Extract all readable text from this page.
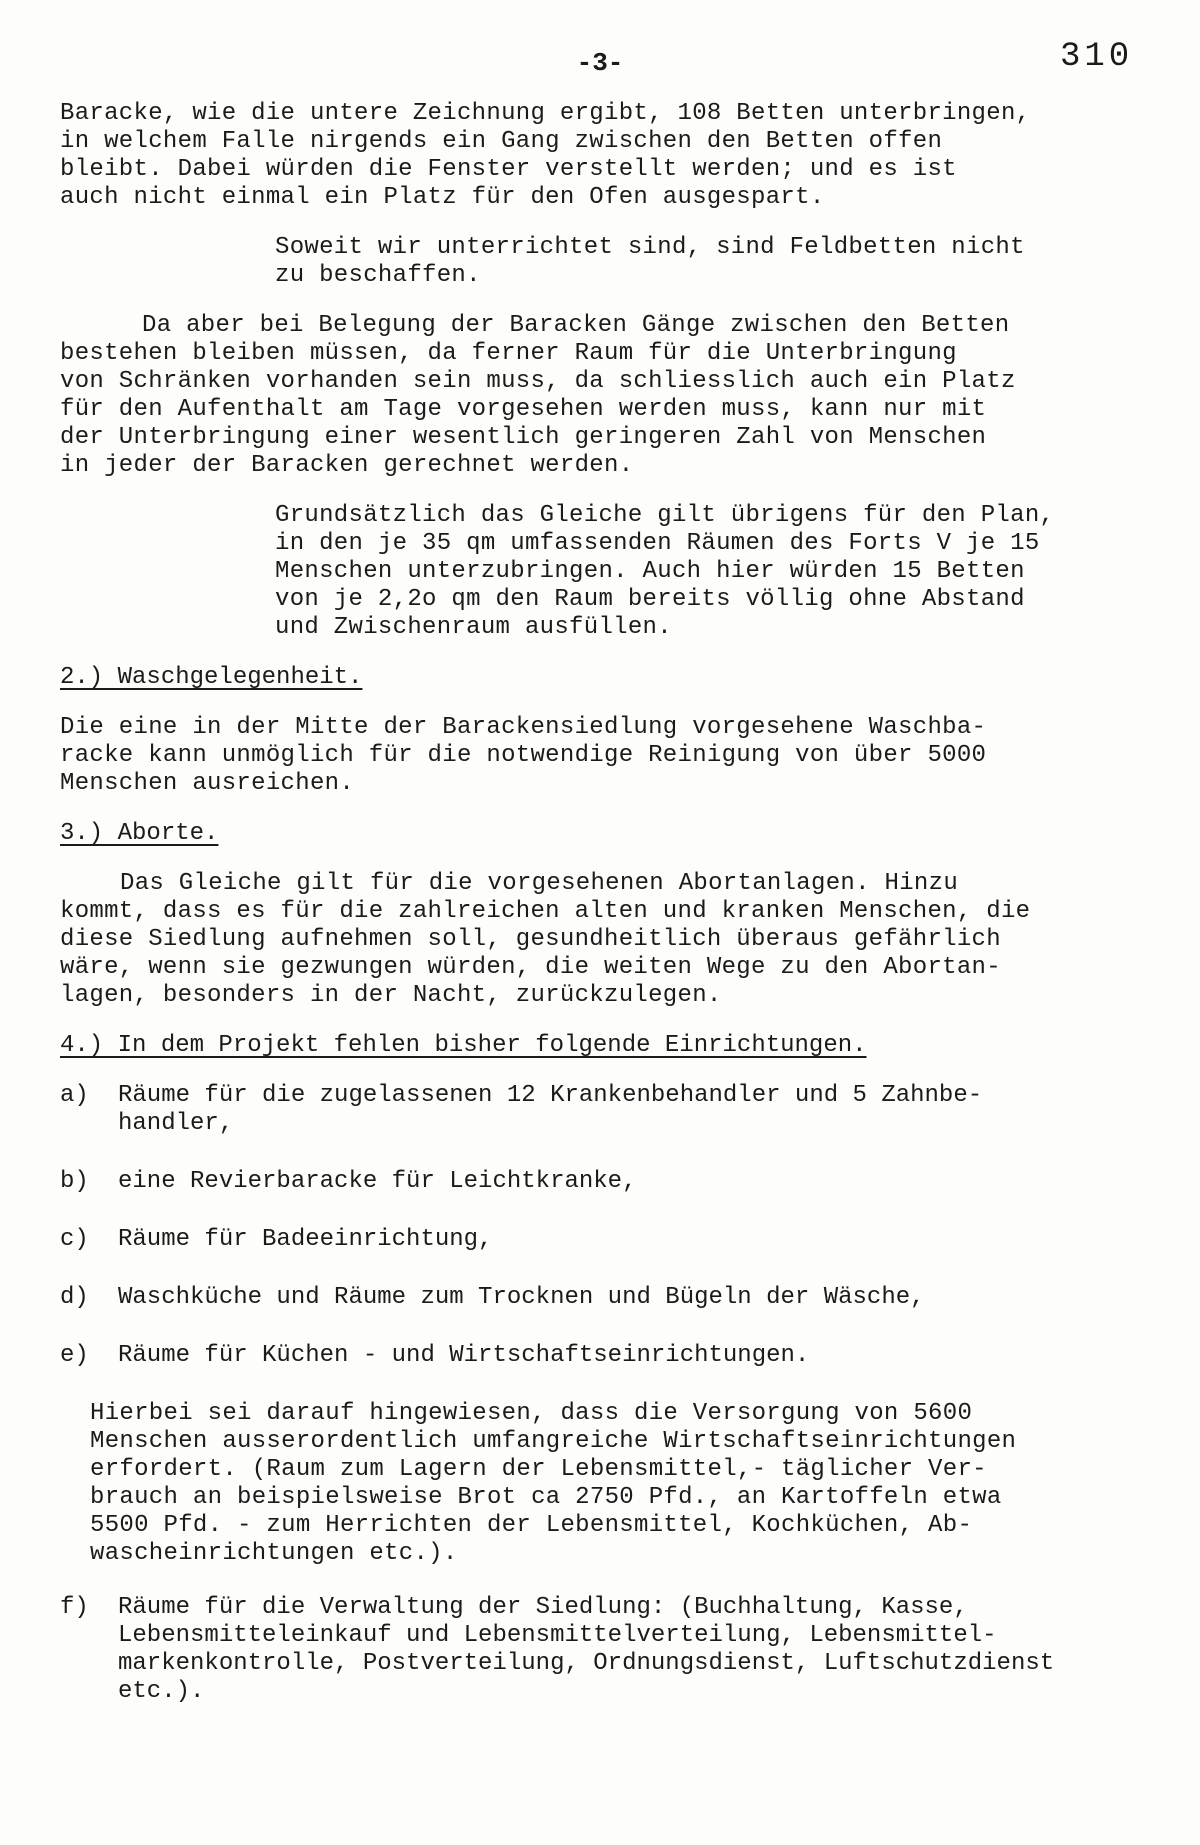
-3-	310

Baracke, wie die untere Zeichnung ergibt, 108 Betten unterbringen,
in welchem Falle nirgends ein Gang zwischen den Betten offen
bleibt. Dabei würden die Fenster verstellt werden; und es ist
auch nicht einmal ein Platz für den Ofen ausgespart.

Soweit wir unterrichtet sind, sind Feldbetten nicht
zu beschaffen.

Da aber bei Belegung der Baracken Gänge zwischen den Betten
bestehen bleiben müssen, da ferner Raum für die Unterbringung
von Schränken vorhanden sein muss, da schliesslich auch ein Platz
für den Aufenthalt am Tage vorgesehen werden muss, kann nur mit
der Unterbringung einer wesentlich geringeren Zahl von Menschen
in jeder der Baracken gerechnet werden.

Grundsätzlich das Gleiche gilt übrigens für den Plan,
in den je 35 qm umfassenden Räumen des Forts V je 15
Menschen unterzubringen. Auch hier würden 15 Betten
von je 2,2o qm den Raum bereits völlig ohne Abstand
und Zwischenraum ausfüllen.

2.) Waschgelegenheit.

Die eine in der Mitte der Barackensiedlung vorgesehene Waschba-
racke kann unmöglich für die notwendige Reinigung von über 5000
Menschen ausreichen.

3.) Aborte.

Das Gleiche gilt für die vorgesehenen Abortanlagen. Hinzu
kommt, dass es für die zahlreichen alten und kranken Menschen, die
diese Siedlung aufnehmen soll, gesundheitlich überaus gefährlich
wäre, wenn sie gezwungen würden, die weiten Wege zu den Abortan-
lagen, besonders in der Nacht, zurückzulegen.

4.) In dem Projekt fehlen bisher folgende Einrichtungen.
a)	Räume für die zugelassenen 12 Krankenbehandler und 5 Zahnbe-
handler,
b)	eine Revierbaracke für Leichtkranke,
c)	Räume für Badeeinrichtung,
d)	Waschküche und Räume zum Trocknen und Bügeln der Wäsche,
e)	Räume für Küchen - und Wirtschaftseinrichtungen.

Hierbei sei darauf hingewiesen, dass die Versorgung von 5600
Menschen ausserordentlich umfangreiche Wirtschaftseinrichtungen
erfordert. (Raum zum Lagern der Lebensmittel,- täglicher Ver-
brauch an beispielsweise Brot ca 2750 Pfd., an Kartoffeln etwa
5500 Pfd. - zum Herrichten der Lebensmittel, Kochküchen, Ab-
wascheinrichtungen etc.).

f)	Räume für die Verwaltung der Siedlung: (Buchhaltung, Kasse,
Lebensmitteleinkauf und Lebensmittelverteilung, Lebensmittel-
markenkontrolle, Postverteilung, Ordnungsdienst, Luftschutzdienst
etc.).
